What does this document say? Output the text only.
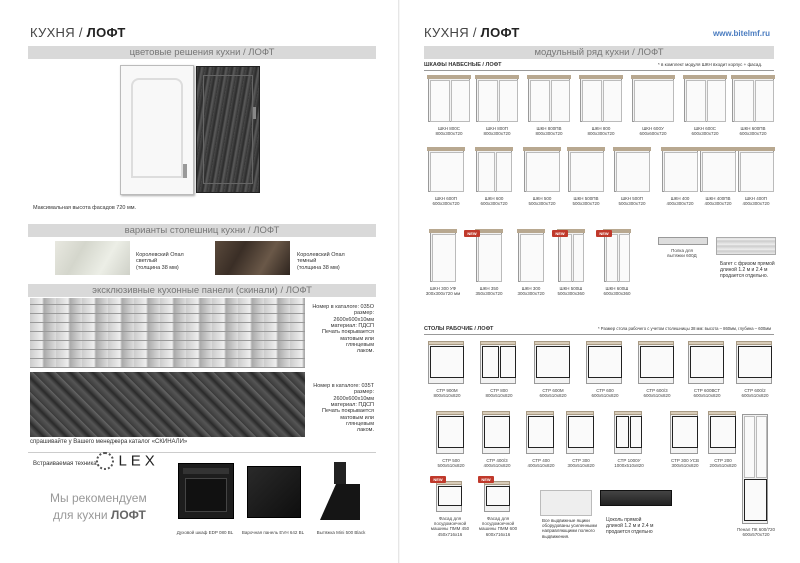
КУХНЯ / ЛОФТ
цветовые решения кухни / ЛОФТ
Максимальная высота фасадов 720 мм.
варианты столешниц кухни / ЛОФТ
Королевский Опал
светлый
(толщина 38 мм)
Королевский Опал
темный
(толщина 38 мм)
эксклюзивные кухонные панели (скинали) / ЛОФТ
Номер в каталоге: 035O
размер: 2600х600х10мм
материал: ПДСП
Печать покрывается
матовым или глянцевым
лаком.
Номер в каталоге: 035T
размер: 2600х600х10мм
материал: ПДСП
Печать покрывается
матовым или глянцевым
лаком.
спрашивайте у Вашего менеджера каталог «СКИНАЛИ»
Встраиваемая техника:	LEX
Мы рекомендуем
для кухни ЛОФТ
Духовой шкаф EDP 080 BL	Варочная панель EVH 642 BL	Вытяжка Mini 500 Black
КУХНЯ / ЛОФТ	www.bitelmf.ru
модульный ряд кухни / ЛОФТ
ШКАФЫ НАВЕСНЫЕ / ЛОФТ	* в комплект модуля ШКН входит корпус + фасад.
ШКН 800С
800х300х720
ШКН 800П
800х300х720
ШКН 800ПВ
800х300х720
ШКН 800
800х300х720
ШКН 600У
600х600х720
ШКН 600С
600х300х720
ШКН 600ПВ
600х300х720
ШКН 600П
600х300х720
ШКН 600
600х300х720
ШКН 500
500х300х720
ШКН 500ПВ
500х300х720
ШКН 500П
500х300х720
ШКН 400
400х300х720
ШКН 400ПВ
400х300х720
ШКН 400П
400х300х720
ШКН 300 УФ
300х300х720 мм
ШКН 350
350х300х720
ШКН 300
300х300х720
ШКН 500Ш
500х300х360
ШКН 600Ш
600х300х360
NEW	NEW	NEW
Полка для вытяжки 600Д
Багет с фризом прямой
длиной 1.2 м и 2.4 м
продается отдельно.
СТОЛЫ РАБОЧИЕ / ЛОФТ	* Размер стола рабочего с учетом столешницы 38 мм: высота – 860мм, глубина – 600мм
СТР 900М
800х510х820
СТР 800
800х510х820
СТР 600М
600х510х820
СТР 600
600х510х820
СТР 600/3
600х510х820
СТР 600ВСТ
600х510х820
СТР 600/2
600х510х820
СТР 500
500х510х820
СТР 400/3
400х510х820
СТР 400
400х510х820
СТР 300
300х510х820
СТР 1000У
1000х510х820
СТР 300 УСВ
300х510х820
СТР 200
200х510х820
Фасад для посудомоечной машины ПММ 450
450х716х16
Фасад для посудомоечной машины ПММ 600
600х716х16
NEW	NEW
Все выдвижные ящики
оборудованы усиленными
направляющими полного
выдвижения.
Цоколь прямой
длиной 1.2 м и 2.4 м
продается отдельно	Пенал ПК 600/720
600х570х720
